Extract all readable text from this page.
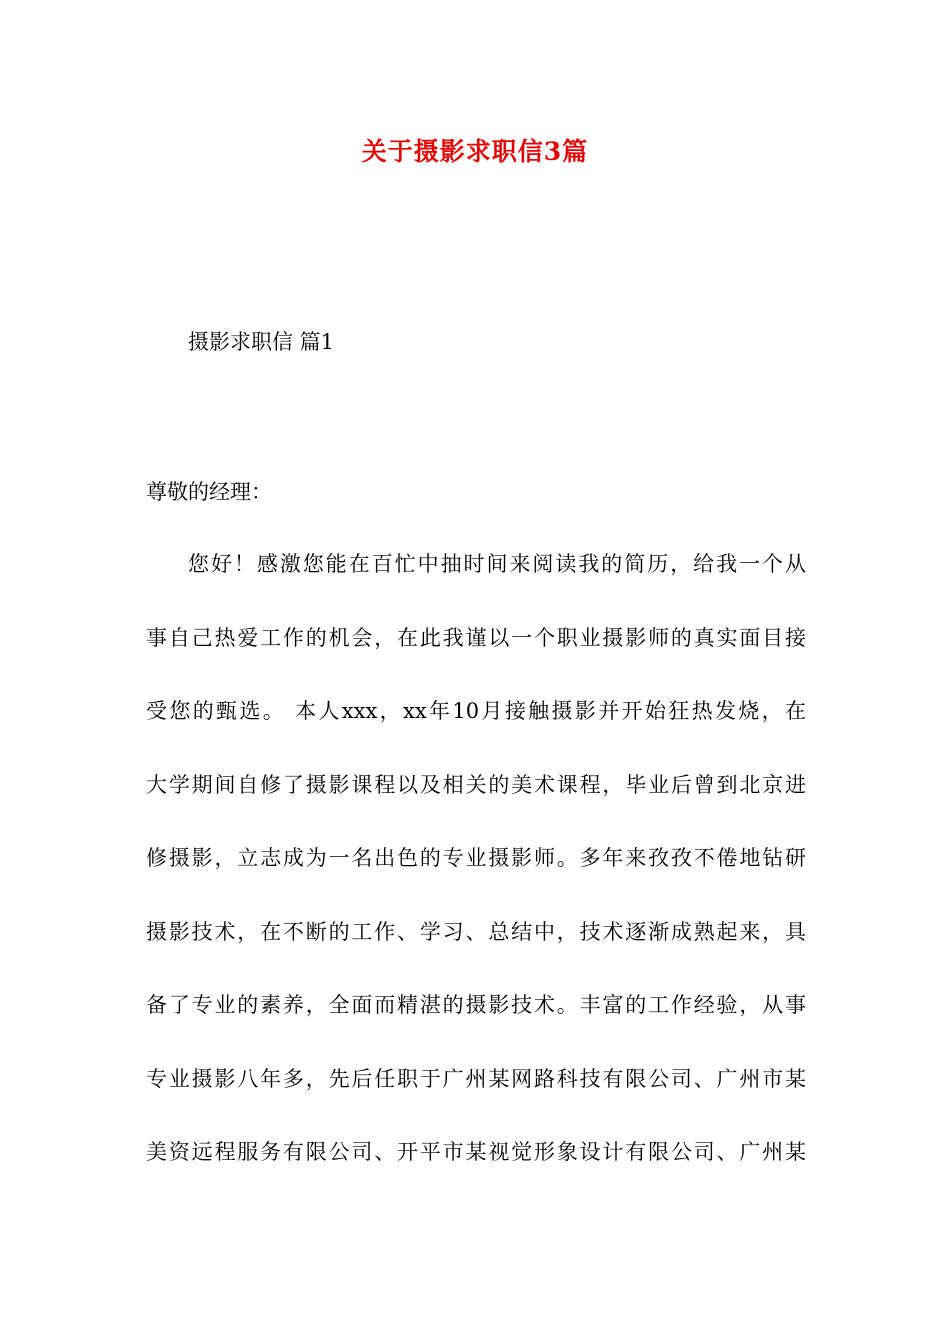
关于摄影求职信3篇
摄影求职信 篇1
尊敬的经理：
您好！感激您能在百忙中抽时间来阅读我的简历，给我一个从
事自己热爱工作的机会，在此我谨以一个职业摄影师的真实面目接
受您的甄选。 本人xxx，xx年10月接触摄影并开始狂热发烧，在
大学期间自修了摄影课程以及相关的美术课程，毕业后曾到北京进
修摄影，立志成为一名出色的专业摄影师。多年来孜孜不倦地钻研
摄影技术，在不断的工作、学习、总结中，技术逐渐成熟起来，具
备了专业的素养，全面而精湛的摄影技术。丰富的工作经验，从事
专业摄影八年多，先后任职于广州某网路科技有限公司、广州市某
美资远程服务有限公司、开平市某视觉形象设计有限公司、广州某
